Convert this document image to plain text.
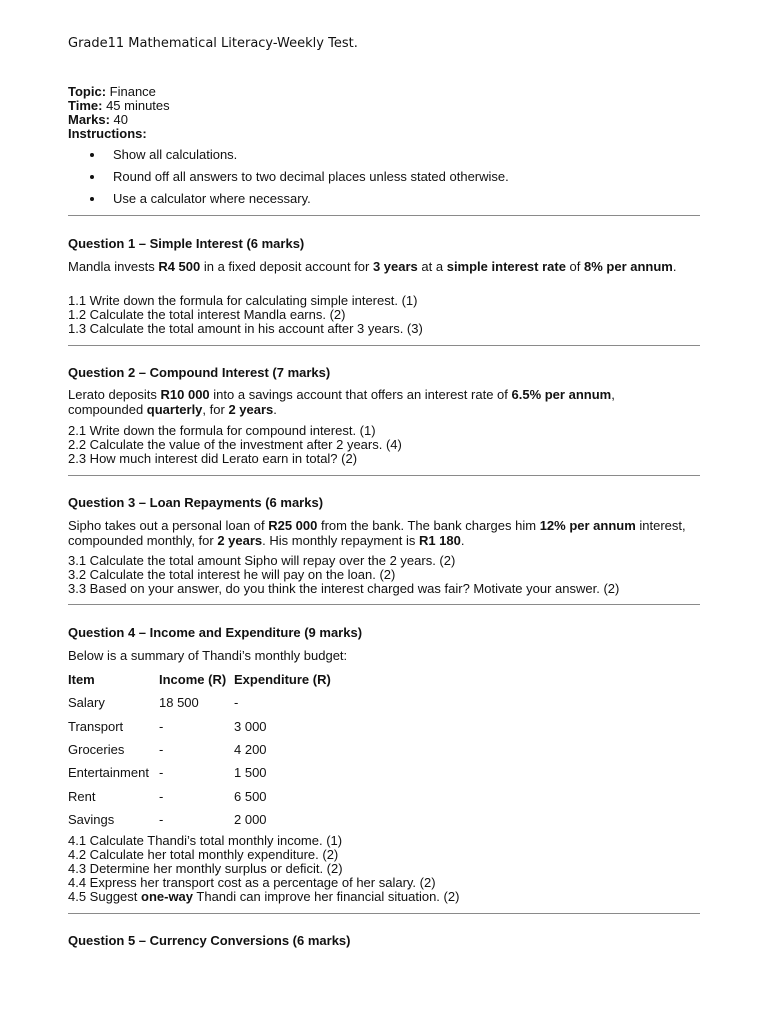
Grade11 Mathematical Literacy-Weekly Test.
Topic: Finance
Time: 45 minutes
Marks: 40
Instructions:
Show all calculations.
Round off all answers to two decimal places unless stated otherwise.
Use a calculator where necessary.
Question 1 – Simple Interest (6 marks)
Mandla invests R4 500 in a fixed deposit account for 3 years at a simple interest rate of 8% per annum.
1.1 Write down the formula for calculating simple interest. (1)
1.2 Calculate the total interest Mandla earns. (2)
1.3 Calculate the total amount in his account after 3 years. (3)
Question 2 – Compound Interest (7 marks)
Lerato deposits R10 000 into a savings account that offers an interest rate of 6.5% per annum, compounded quarterly, for 2 years.
2.1 Write down the formula for compound interest. (1)
2.2 Calculate the value of the investment after 2 years. (4)
2.3 How much interest did Lerato earn in total? (2)
Question 3 – Loan Repayments (6 marks)
Sipho takes out a personal loan of R25 000 from the bank. The bank charges him 12% per annum interest, compounded monthly, for 2 years. His monthly repayment is R1 180.
3.1 Calculate the total amount Sipho will repay over the 2 years. (2)
3.2 Calculate the total interest he will pay on the loan. (2)
3.3 Based on your answer, do you think the interest charged was fair? Motivate your answer. (2)
Question 4 – Income and Expenditure (9 marks)
Below is a summary of Thandi’s monthly budget:
Item	Income (R)	Expenditure (R)
Salary	18 500	-
Transport	-	3 000
Groceries	-	4 200
Entertainment	-	1 500
Rent	-	6 500
Savings	-	2 000
4.1 Calculate Thandi’s total monthly income. (1)
4.2 Calculate her total monthly expenditure. (2)
4.3 Determine her monthly surplus or deficit. (2)
4.4 Express her transport cost as a percentage of her salary. (2)
4.5 Suggest one-way Thandi can improve her financial situation. (2)
Question 5 – Currency Conversions (6 marks)
